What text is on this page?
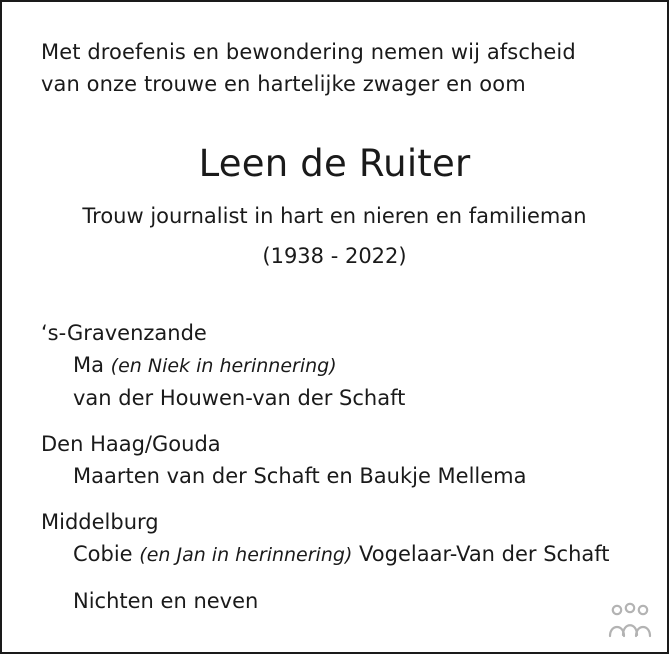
Met droefenis en bewondering nemen wij afscheid
van onze trouwe en hartelijke zwager en oom
Leen de Ruiter
Trouw journalist in hart en nieren en familieman
(1938 - 2022)
‘s-Gravenzande
Ma (en Niek in herinnering)
van der Houwen-van der Schaft
Den Haag/Gouda
Maarten van der Schaft en Baukje Mellema
Middelburg
Cobie (en Jan in herinnering) Vogelaar-Van der Schaft
Nichten en neven
